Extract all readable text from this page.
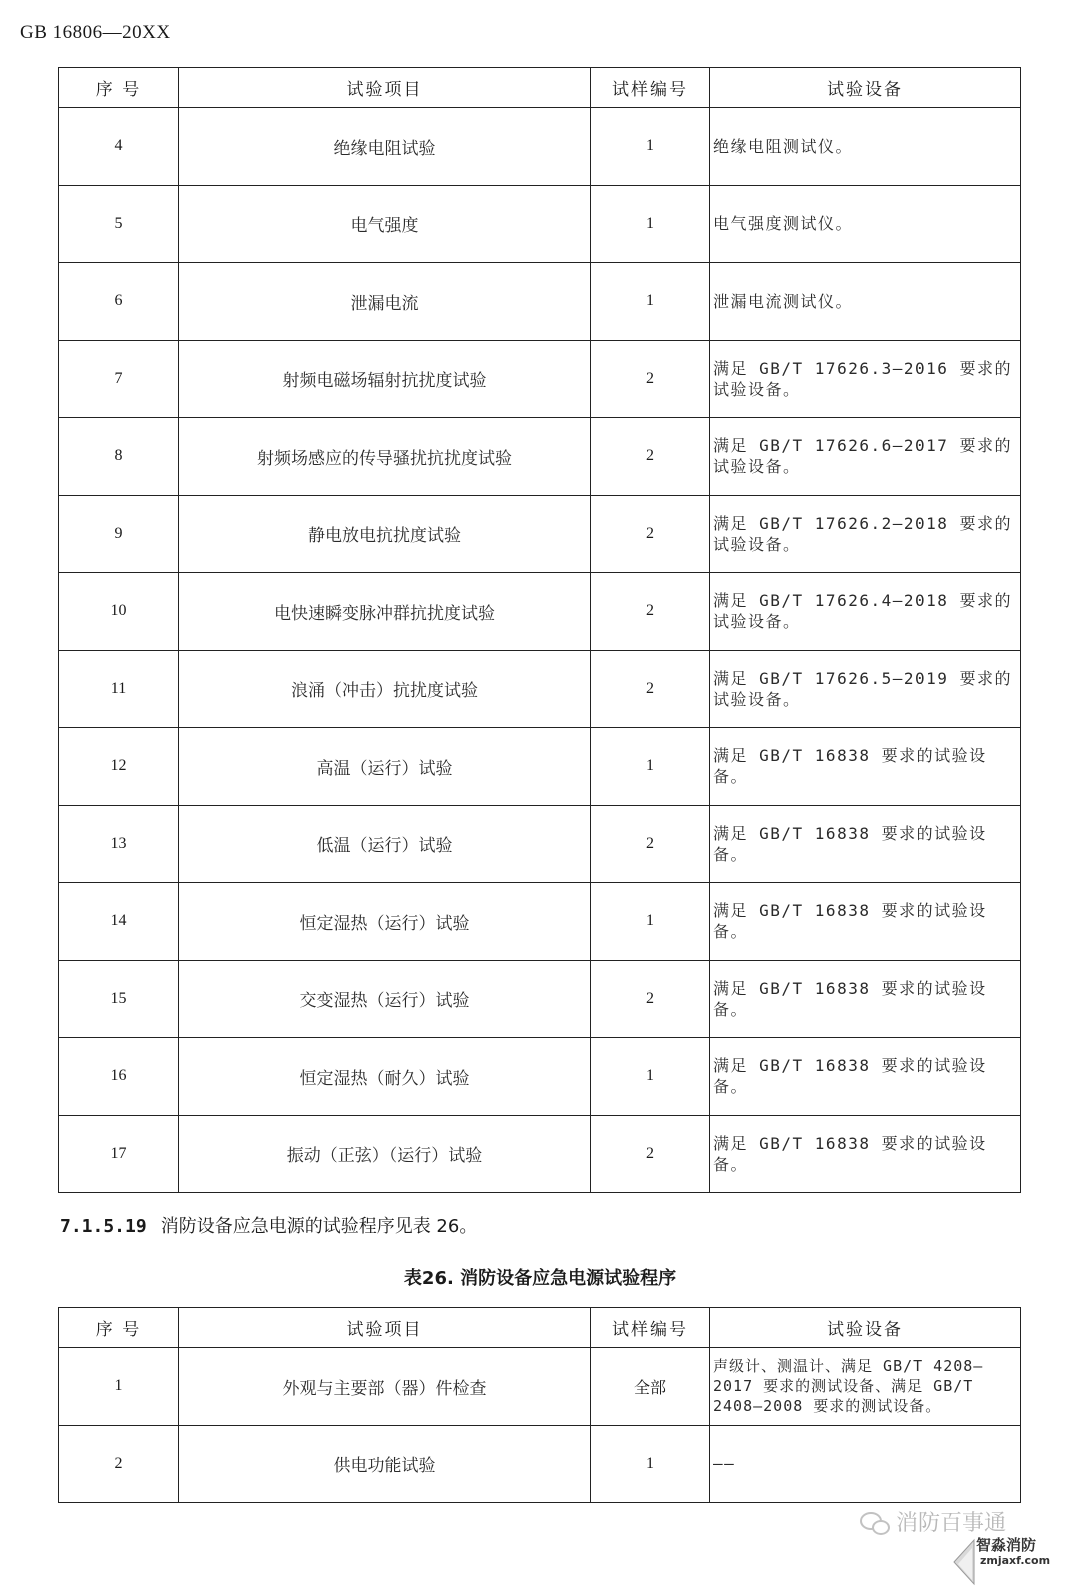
GB 16806—20XX
序 号	试验项目	试样编号	试验设备
4	绝缘电阻试验	1	绝缘电阻测试仪。
5	电气强度	1	电气强度测试仪。
6	泄漏电流	1	泄漏电流测试仪。
7	射频电磁场辐射抗扰度试验	2	满足 GB/T 17626.3—2016 要求的试验设备。
8	射频场感应的传导骚扰抗扰度试验	2	满足 GB/T 17626.6—2017 要求的试验设备。
9	静电放电抗扰度试验	2	满足 GB/T 17626.2—2018 要求的试验设备。
10	电快速瞬变脉冲群抗扰度试验	2	满足 GB/T 17626.4—2018 要求的试验设备。
11	浪涌（冲击）抗扰度试验	2	满足 GB/T 17626.5—2019 要求的试验设备。
12	高温（运行）试验	1	满足 GB/T 16838 要求的试验设备。
13	低温（运行）试验	2	满足 GB/T 16838 要求的试验设备。
14	恒定湿热（运行）试验	1	满足 GB/T 16838 要求的试验设备。
15	交变湿热（运行）试验	2	满足 GB/T 16838 要求的试验设备。
16	恒定湿热（耐久）试验	1	满足 GB/T 16838 要求的试验设备。
17	振动（正弦）（运行）试验	2	满足 GB/T 16838 要求的试验设备。
7.1.5.19 消防设备应急电源的试验程序见表 26。
表26. 消防设备应急电源试验程序
序 号	试验项目	试样编号	试验设备
1	外观与主要部（器）件检查	全部	声级计、测温计、满足 GB/T 4208—2017 要求的测试设备、满足 GB/T 2408—2008 要求的测试设备。
2	供电功能试验	1	——
消防百事通
智淼消防
zmjaxf.com
